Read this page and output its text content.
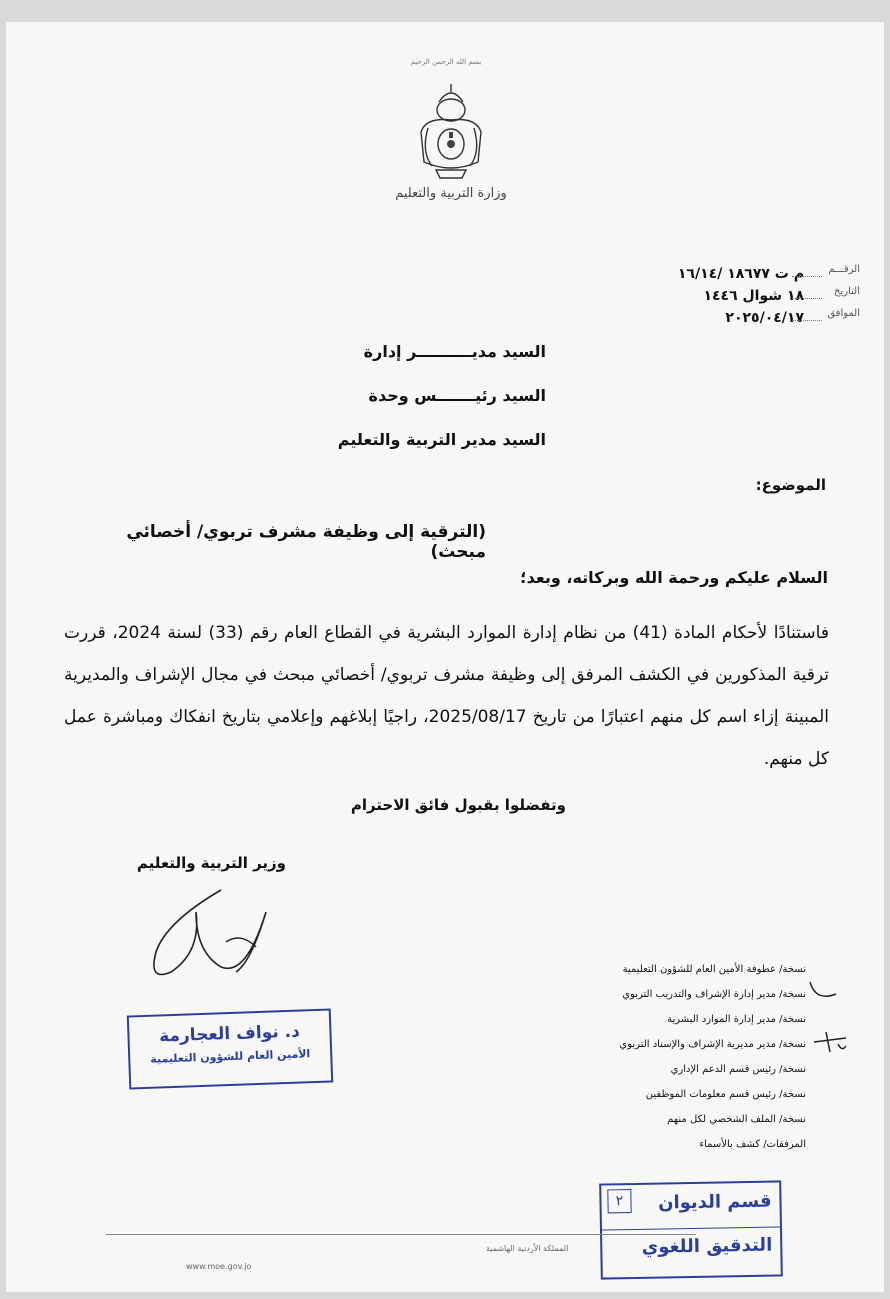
بسم الله الرحمن الرحيم
وزارة التربية والتعليم
م ت ١٨٦٧٧ /١٦/١٤	الرقـــم
١٨ شوال ١٤٤٦	التاريخ
٢٠٢٥/٠٤/١٧	الموافق
السيد مديــــــــــر إدارة
السيد رئيـــــــس وحدة
السيد مدير التربية والتعليم
الموضوع:
(الترقية إلى وظيفة مشرف تربوي/ أخصائي مبحث)
السلام عليكم ورحمة الله وبركاته، وبعد؛

فاستنادًا لأحكام المادة (41) من نظام إدارة الموارد البشرية في القطاع العام رقم (33) لسنة 2024، قررت ترقية المذكورين في الكشف المرفق إلى وظيفة مشرف تربوي/ أخصائي مبحث في مجال الإشراف والمديرية المبينة إزاء اسم كل منهم اعتبارًا من تاريخ 2025/08/17، راجيًا إبلاغهم وإعلامي بتاريخ انفكاك ومباشرة عمل كل منهم.

وتفضلوا بقبول فائق الاحترام
وزير التربية والتعليم
د. نواف العجارمة
الأمين العام للشؤون التعليمية
نسخة/ عطوفة الأمين العام للشؤون التعليمية
نسخة/ مدير إدارة الإشراف والتدريب التربوي
نسخة/ مدير إدارة الموارد البشرية
نسخة/ مدير مديرية الإشراف والإسناد التربوي
نسخة/ رئيس قسم الدعم الإداري
نسخة/ رئيس قسم معلومات الموظفين
نسخة/ الملف الشخصي لكل منهم
المرفقات/ كشف بالأسماء
٢	قسم الديوان
التدقيق اللغوي
المملكة الأردنية الهاشمية
www.moe.gov.jo
